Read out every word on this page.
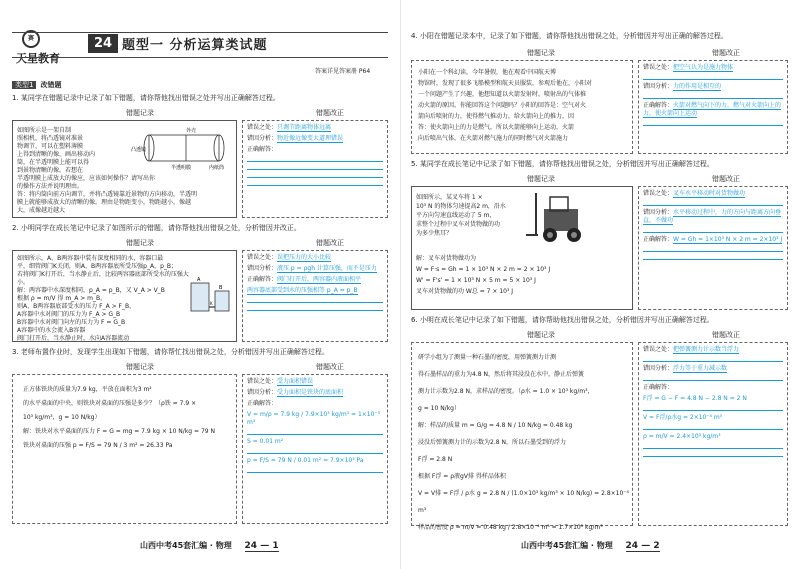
赛
天星教育
24 题型一 分析运算类试题
答案详见答案册 P64
类型1 改错题
1. 某同学在错题记录中记录了如下错题，请你帮他找出错误之处并写出正确解答过程。
错题记录	错题改正
外壳
凸透镜
半透明膜	内纸筒
如图所示是一架自制
照相机，将凸透镜对准景
物调节，可以在塑料薄膜
上得到清晰的像，画出移动内
筒，在半透明膜上能可以得
到景物清晰的像。若想在
半透明膜上成放大的像应，应该如何操作？请写出你
的操作方法并说明理由。
答：将内筒向前方向调节，并将凸透镜靠近景物的方向移动，半透明
膜上就能够成放大的清晰的像。理由是物距变小，物距越小，像越
大，成像越近越大
错误之处：只调节距离物体远离
错因分析：物近像远像变大道理错误
正确解答：
2. 小明同学在成长笔记中记录了如图所示的错题，请你帮他找出错误之处，分析错因并改正。
错题记录	错题改正
A
B
K
如图所示，A、B两容器中装有深度相同的水，容器口最
平，细管阀门K关闭，则A、B两容器底所受压强p_A，p_B；
若将阀门K打开后，当水静止后，比较两容器底部所受水的压强大小。
解：两容器中水深度相同，p_A = p_B，又 V_A > V_B
根据 ρ = m/V 得 m_A > m_B，
则A、B两容器底部受水的压力 F_A > F_B，
A容器中水对阀门的压力为 F_A > G_B
B容器中水对阀门向左的压力为 F = G_B
A容器中的水会流入B容器
阀门打开后，当水静止时，水向A容器流动
错误之处：误把压力的大小比较
错因分析：液压 p = ρgh 计算压强，而不是压力
正确解答：阀门打开后，两容器内液面相平
两容器底部受到水的压强相等 p_A = p_B
3. 老师布置作业时，发现学生出现如下错题，请你帮忙找出错误之处，分析错因并写出正确解答过程。
错题记录	错题改正
正方体铁块的质量为7.9 kg，平放在面积为3 m²
的水平桌面的中央，则铁块对桌面的压强是多少？（ρ铁 = 7.9 ×
10³ kg/m³，g = 10 N/kg）
解：铁块对水平桌面的压力 F = G = mg = 7.9 kg × 10 N/kg = 79 N
铁块对桌面的压强 p = F/S = 79 N / 3 m² = 26.33 Pa
错误之处：受力面积错误
错因分析：受力面积是铁块的底面积
正确解答：
V = m/ρ = 7.9 kg / 7.9×10³ kg/m³ = 1×10⁻³ m³
S = 0.01 m²
p = F/S = 79 N / 0.01 m² = 7.9×10³ Pa
山西中考45套汇编 · 物理 24 — 1
4. 小阳在错题记录本中，记录了如下错题，请你帮他找出错误之处，分析错因并写出正确的解答过程。
错题记录	错题改正
小阳在一个科幻读，今年暑假，他在观看中国航天博
物馆时，发现了很多飞船模型和航天员服装，参观后他在，小阳对
一个问题产生了兴趣，他想知道以火箭发射时，喷射出的气体推
动火箭的原因。你能回答这个问题吗？小阳的回答是：空气对火
箭向后喷射的力，使得燃气推动力，给火箭向上的推力，因
答：使火箭向上的力是燃气，所以火箭能够向上运动，火箭
向后喷出气体，在火箭对燃气施力的同时燃气对火箭施力
错误之处：把空气认为是施力物体
错因分析：力的作用是相互的
正确解答：火箭对燃气向下的力，燃气对火箭向上的力，使火箭向上运动
5. 某同学在成长笔记中记录了如下错题，请你帮他找出错误之处，分析错因并写出正确解答过程。
错题记录	错题改正
如图所示，某叉车将 1 ×
10³ N 的物体匀速提高2 m，沿水
平方向匀速直线运动了 5 m，
求整个过程中叉车对货物做的功
为多少焦耳？
解：叉车对货物做功为
W = F·s = Gh = 1 × 10³ N × 2 m = 2 × 10³ J
W' = F's' = 1 × 10³ N × 5 m = 5 × 10³ J
叉车对货物做的功 W总 = 7 × 10³ J
错误之处：叉车水平移动时对货物做功
错因分析：水平移动过程中，力的方向与距离方向垂直，不做功
正确解答：W = Gh = 1×10³ N × 2 m = 2×10³ J
6. 小明在成长笔记中记录了如下错题，请你帮助他找出错误之处，分析错因并写出正确解答过程。
错题记录	错题改正
研学小组为了测量一种石墨的密度，用弹簧测力计测
得石墨样品的重力为4.8 N，然后将其浸没在水中，静止后弹簧
测力计示数为2.8 N，求样品的密度。（ρ水 = 1.0 × 10³ kg/m³，
g = 10 N/kg）
解：样品的质量 m = G/g = 4.8 N / 10 N/kg = 0.48 kg
浸没后弹簧测力计的示数为2.8 N，所以石墨受到的浮力
F浮 = 2.8 N
根据 F浮 = ρ液gV排 得样品体积
V = V排 = F浮 / ρ水 g = 2.8 N / (1.0×10³ kg/m³ × 10 N/kg) = 2.8×10⁻⁴ m³
样品的密度 ρ = m/V = 0.48 kg / 2.8×10⁻⁴ m³ = 1.7×10³ kg/m³
错误之处：把弹簧测力计示数当浮力
错因分析：浮力等于重力减示数
正确解答：
F浮 = G − F = 4.8 N − 2.8 N = 2 N
V = F浮/ρ水g = 2×10⁻⁴ m³
ρ = m/V = 2.4×10³ kg/m³
山西中考45套汇编 · 物理 24 — 2
